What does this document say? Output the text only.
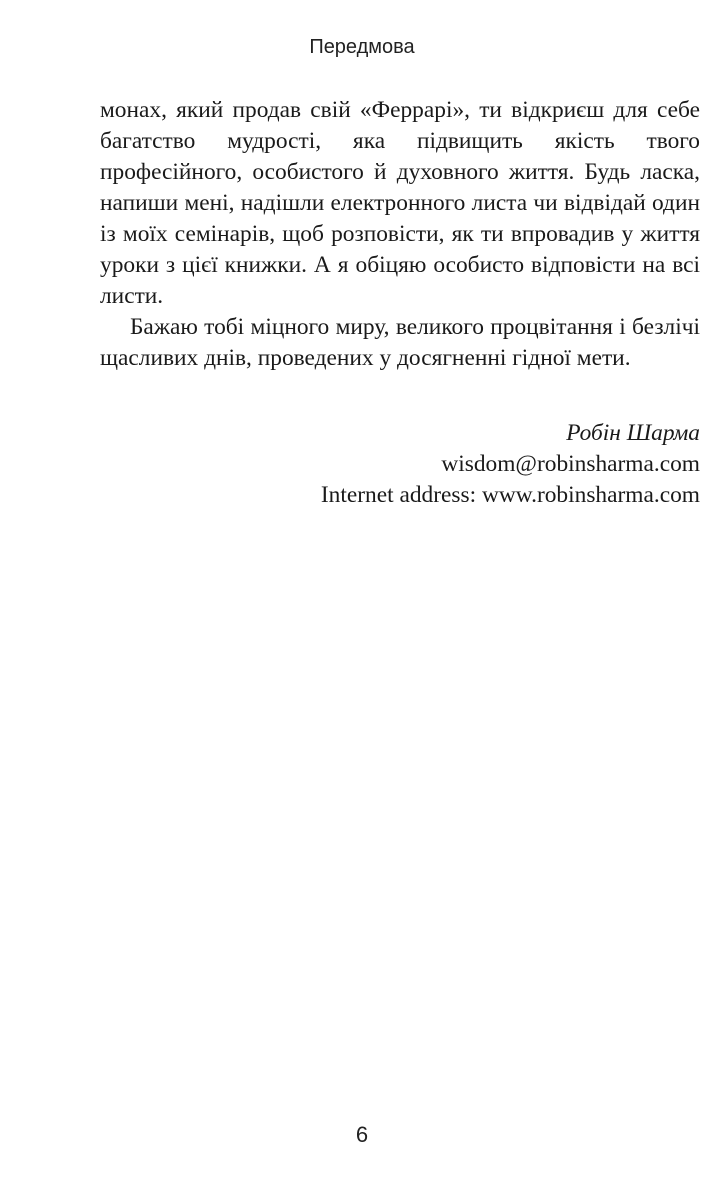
Передмова

монах, який продав свій «Феррарі», ти відкриєш для себе багатство мудрості, яка підвищить якість твого професійного, особистого й духовного життя. Будь ласка, напиши мені, надішли електронного листа чи відвідай один із моїх семінарів, щоб розповісти, як ти впровадив у життя уроки з цієї книжки. А я обіцяю особисто відповісти на всі листи.

Бажаю тобі міцного миру, великого процвітання і безлічі щасливих днів, проведених у досягненні гідної мети.

Робін Шарма
wisdom@robinsharma.com
Internet address: www.robinsharma.com
6
